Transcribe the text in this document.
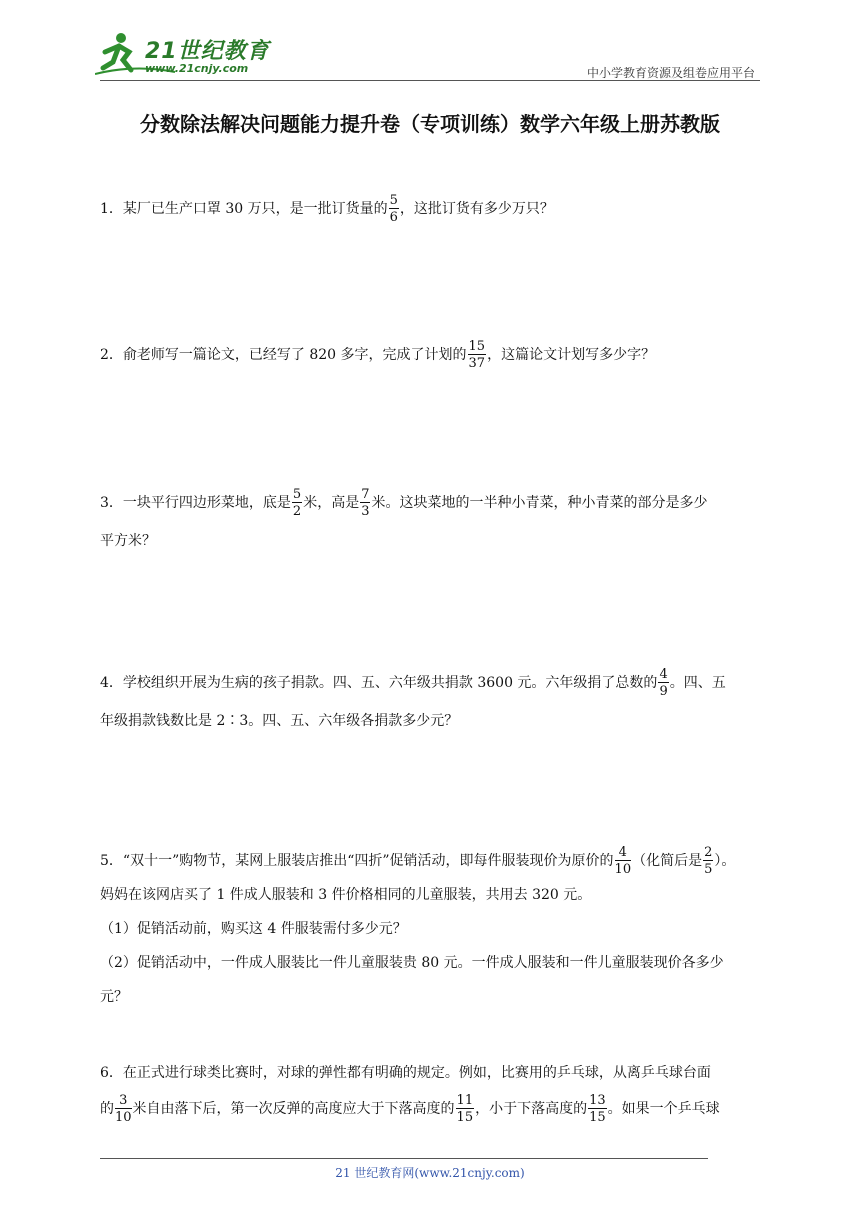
21世纪教育
www.21cnjy.com	中小学教育资源及组卷应用平台
分数除法解决问题能力提升卷（专项训练）数学六年级上册苏教版
1．某厂已生产口罩 30 万只，是一批订货量的 $\frac{5}{6}$ ，这批订货有多少万只？
2．俞老师写一篇论文，已经写了 820 多字，完成了计划的 $\frac{15}{37}$ ，这篇论文计划写多少字？
3．一块平行四边形菜地，底是 $\frac{5}{2}$ 米，高是 $\frac{7}{3}$ 米。这块菜地的一半种小青菜，种小青菜的部分是多少
平方米？
4．学校组织开展为生病的孩子捐款。四、五、六年级共捐款 3600 元。六年级捐了总数的 $\frac{4}{9}$ 。四、五
年级捐款钱数比是 2∶3。四、五、六年级各捐款多少元？
5．“双十一”购物节，某网上服装店推出“四折”促销活动，即每件服装现价为原价的 $\frac{4}{10}$ （化简后是 $\frac{2}{5}$ ）。
妈妈在该网店买了 1 件成人服装和 3 件价格相同的儿童服装，共用去 320 元。
（1）促销活动前，购买这 4 件服装需付多少元？
（2）促销活动中，一件成人服装比一件儿童服装贵 80 元。一件成人服装和一件儿童服装现价各多少
元？
6．在正式进行球类比赛时，对球的弹性都有明确的规定。例如，比赛用的乒乓球，从离乒乓球台面
的 $\frac{3}{10}$ 米自由落下后，第一次反弹的高度应大于下落高度的 $\frac{11}{15}$ ，小于下落高度的 $\frac{13}{15}$ 。如果一个乒乓球
21 世纪教育网(www.21cnjy.com)
